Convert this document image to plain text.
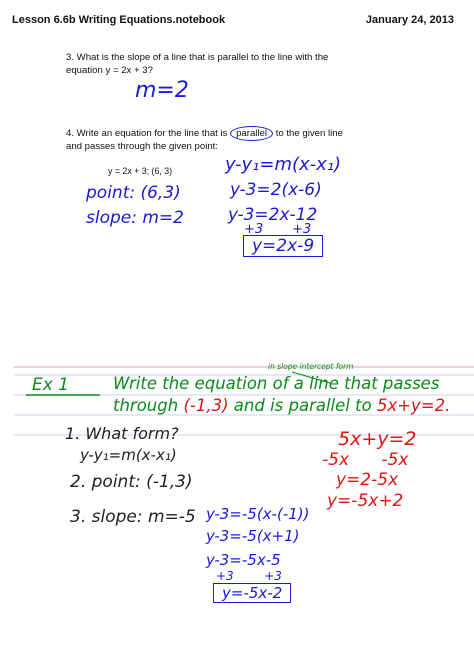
Lesson 6.6b Writing Equations.notebook	January 24, 2013
3. What is the slope of a line that is parallel to the line with the
equation y = 2x + 3?
m=2
4. Write an equation for the line that is parallel to the given line
and passes through the given point:
y = 2x + 3; (6, 3)
point: (6,3)
slope: m=2
y-y₁=m(x-x₁)
y-3=2(x-6)
y-3=2x-12
+3       +3
y=2x-9
Ex 1
in slope intercept form
Write the equation of a line that passes
through (-1,3) and is parallel to 5x+y=2.
1. What form?
y-y₁=m(x-x₁)
2. point: (-1,3)
3. slope: m=-5
5x+y=2
-5x      -5x
y=2-5x
y=-5x+2
y-3=-5(x-(-1))
y-3=-5(x+1)
y-3=-5x-5
+3        +3
y=-5x-2
